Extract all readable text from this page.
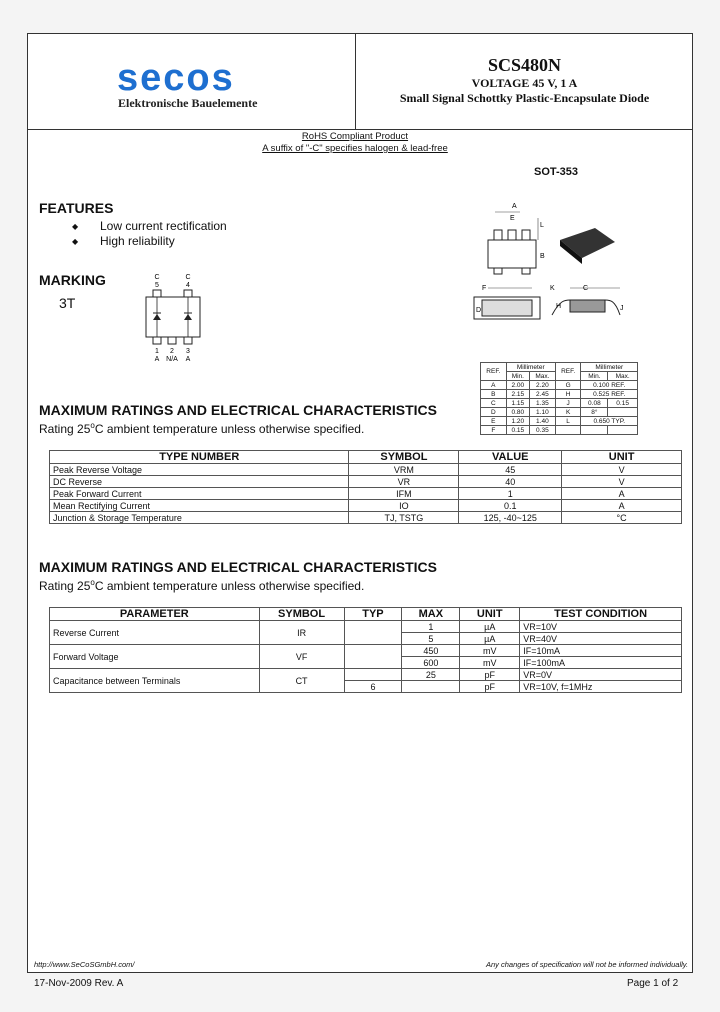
secos
Elektronische Bauelemente
SCS480N
VOLTAGE 45 V, 1 A
Small Signal Schottky Plastic-Encapsulate Diode
RoHS Compliant Product
A suffix of "-C" specifies halogen & lead-free
SOT-353
FEATURES
◆ Low current rectification
◆ High reliability
MARKING
3T
C
5
C
4
1 2 3
A N/A A
A
E
L
B
F
D
K	C
H	J
REF.	Millimeter		REF.	Millimeter	
	Min.	Max.		Min.	Max.
A	2.00	2.20	G	0.100 REF.	
B	2.15	2.45	H	0.525 REF.	
C	1.15	1.35	J	0.08	0.15
D	0.80	1.10	K	8°	
E	1.20	1.40	L	0.650 TYP.	
F	0.15	0.35			
MAXIMUM RATINGS AND ELECTRICAL CHARACTERISTICS
Rating 25$^o$C ambient temperature unless otherwise specified.
TYPE NUMBER	SYMBOL	VALUE	UNIT
Peak Reverse Voltage	VRM	45	V
DC Reverse	VR	40	V
Peak Forward Current	IFM	1	A
Mean Rectifying Current	IO	0.1	A
Junction & Storage Temperature	TJ, TSTG	125, -40~125	°C
MAXIMUM RATINGS AND ELECTRICAL CHARACTERISTICS
Rating 25$^o$C ambient temperature unless otherwise specified.
PARAMETER	SYMBOL	TYP	MAX	UNIT	TEST CONDITION
Reverse Current	IR		1	µA	VR=10V
			5	µA	VR=40V
Forward Voltage	VF		450	mV	IF=10mA
			600	mV	IF=100mA
Capacitance between Terminals	CT		25	pF	VR=0V
		6		pF	VR=10V, f=1MHz
http://www.SeCoSGmbH.com/	Any changes of specification will not be informed individually.
17-Nov-2009 Rev. A	Page 1 of 2
